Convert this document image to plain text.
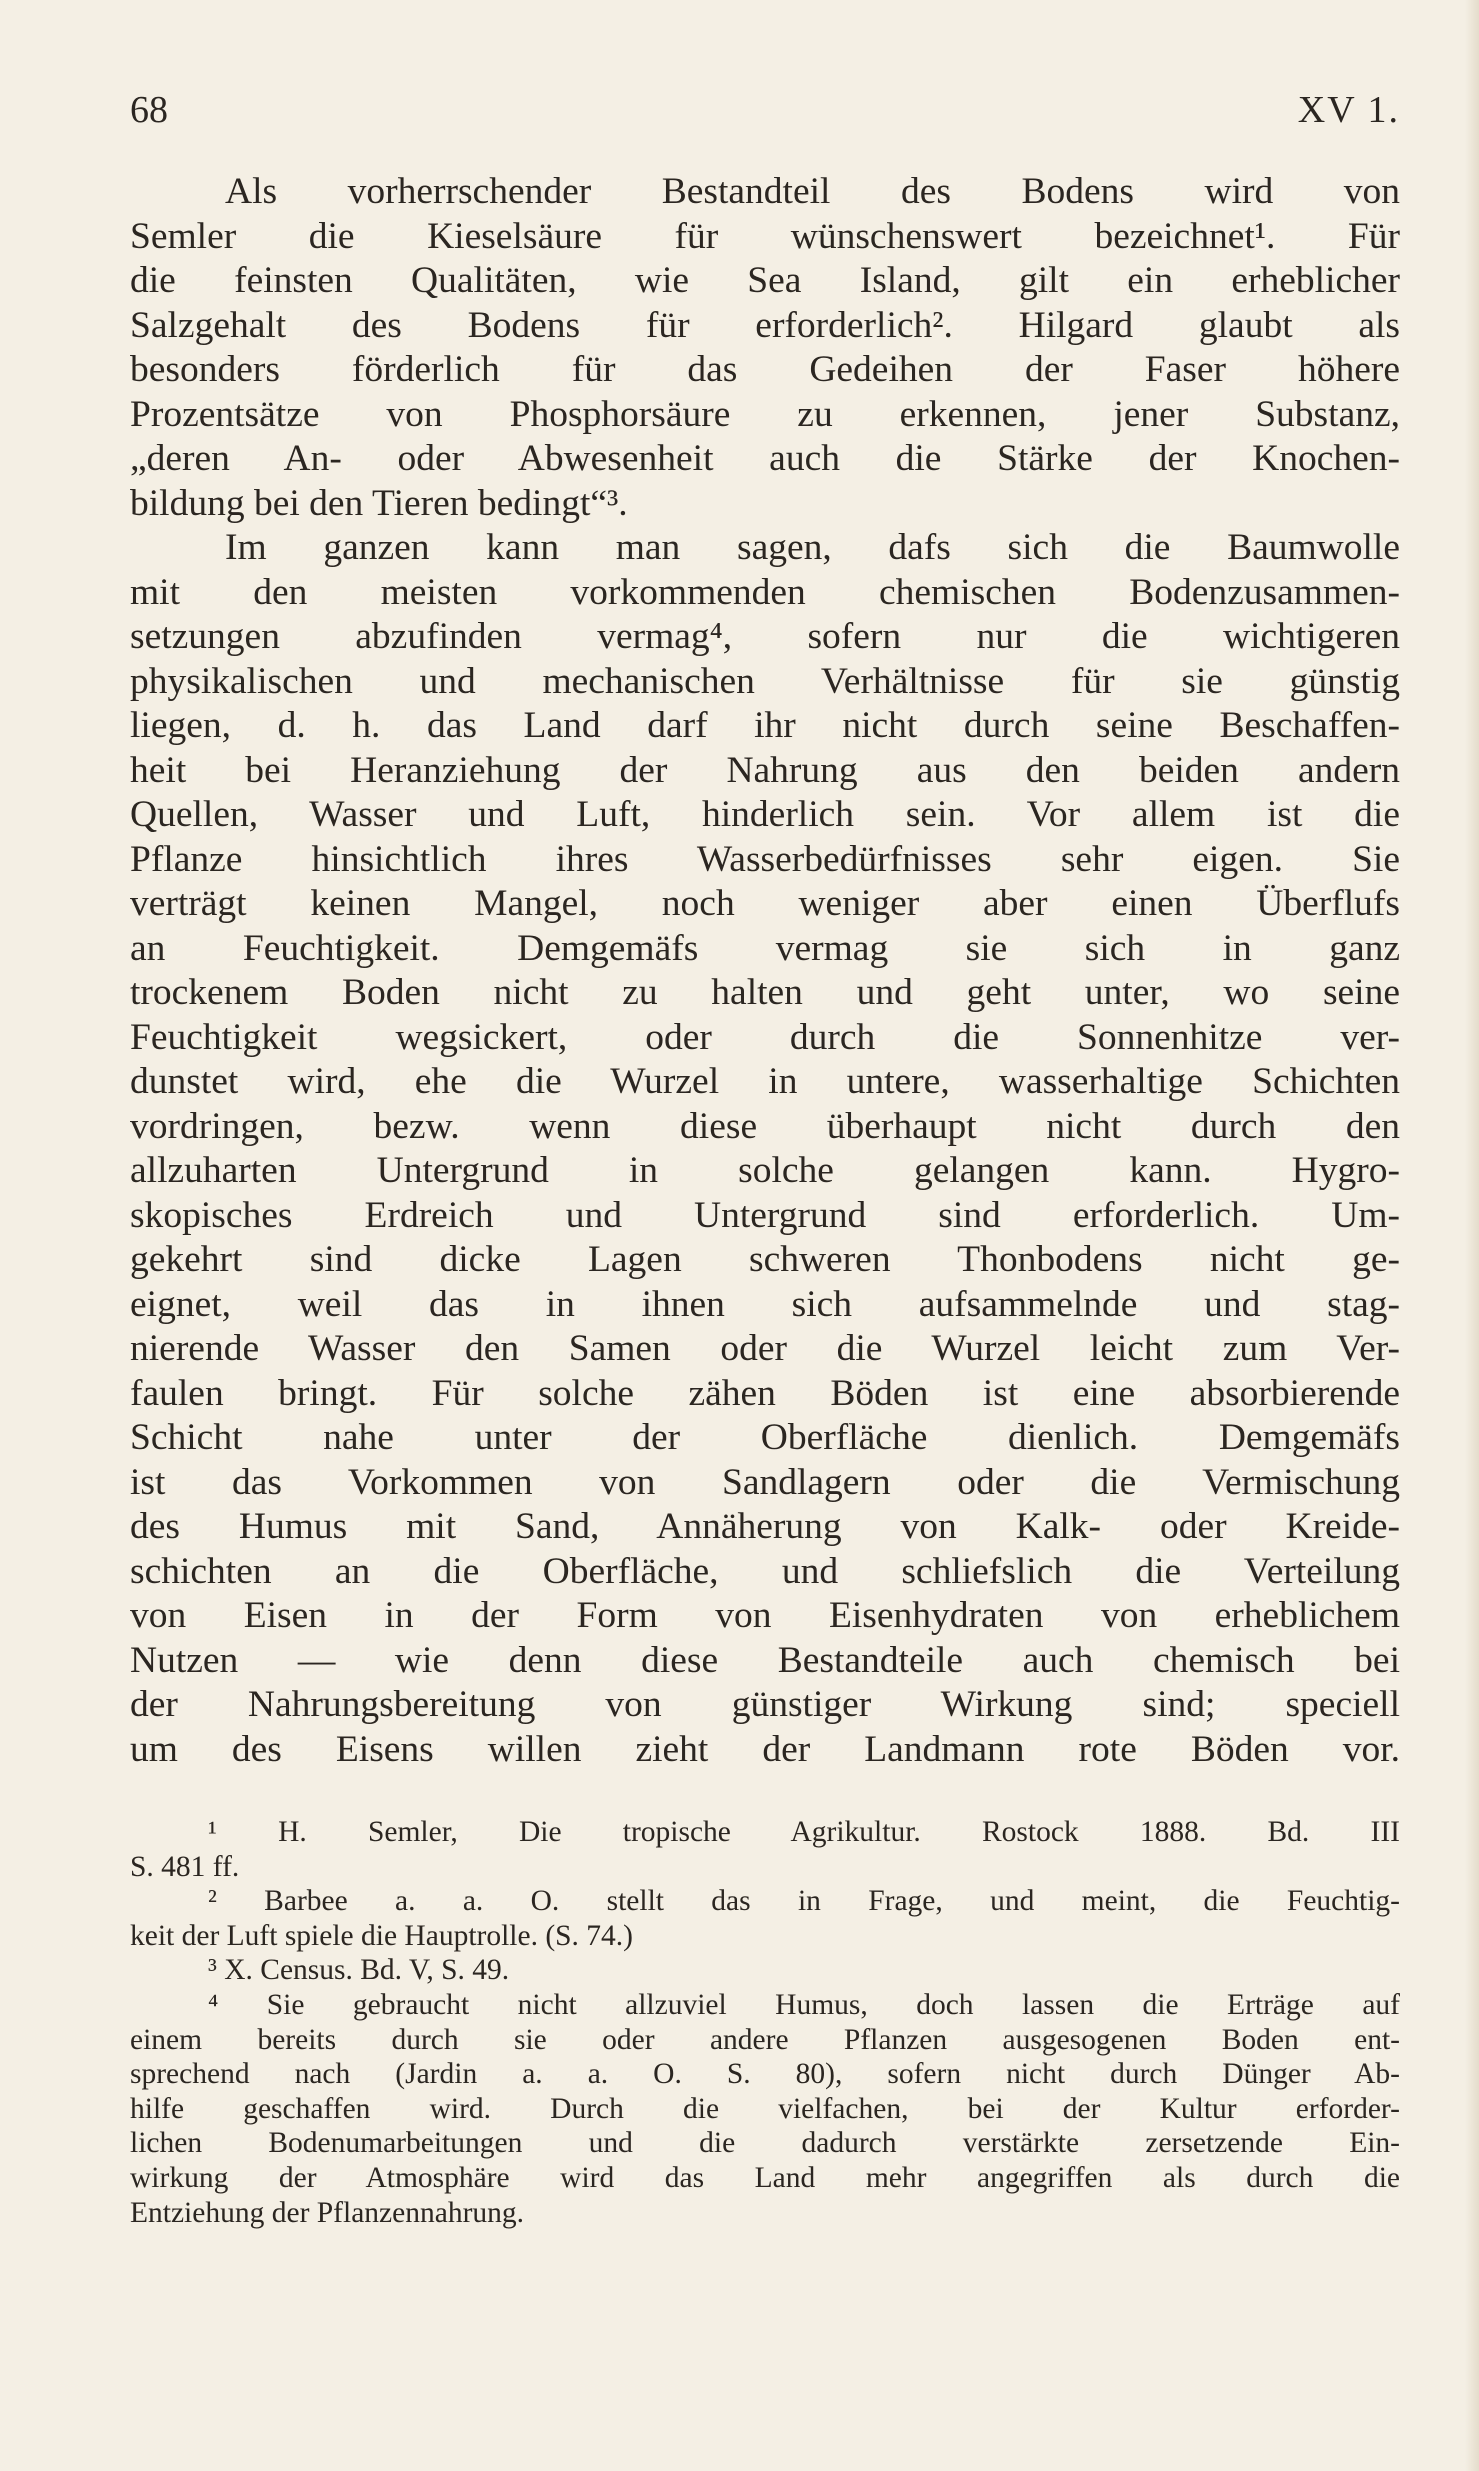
68	XV 1.
Als vorherrschender Bestandteil des Bodens wird von
Semler die Kieselsäure für wünschenswert bezeichnet¹. Für
die feinsten Qualitäten, wie Sea Island, gilt ein erheblicher
Salzgehalt des Bodens für erforderlich². Hilgard glaubt als
besonders förderlich für das Gedeihen der Faser höhere
Prozentsätze von Phosphorsäure zu erkennen, jener Substanz,
„deren An- oder Abwesenheit auch die Stärke der Knochen-
bildung bei den Tieren bedingt“³.
Im ganzen kann man sagen, dafs sich die Baumwolle
mit den meisten vorkommenden chemischen Bodenzusammen-
setzungen abzufinden vermag⁴, sofern nur die wichtigeren
physikalischen und mechanischen Verhältnisse für sie günstig
liegen, d. h. das Land darf ihr nicht durch seine Beschaffen-
heit bei Heranziehung der Nahrung aus den beiden andern
Quellen, Wasser und Luft, hinderlich sein. Vor allem ist die
Pflanze hinsichtlich ihres Wasserbedürfnisses sehr eigen. Sie
verträgt keinen Mangel, noch weniger aber einen Überflufs
an Feuchtigkeit. Demgemäfs vermag sie sich in ganz
trockenem Boden nicht zu halten und geht unter, wo seine
Feuchtigkeit wegsickert, oder durch die Sonnenhitze ver-
dunstet wird, ehe die Wurzel in untere, wasserhaltige Schichten
vordringen, bezw. wenn diese überhaupt nicht durch den
allzuharten Untergrund in solche gelangen kann. Hygro-
skopisches Erdreich und Untergrund sind erforderlich. Um-
gekehrt sind dicke Lagen schweren Thonbodens nicht ge-
eignet, weil das in ihnen sich aufsammelnde und stag-
nierende Wasser den Samen oder die Wurzel leicht zum Ver-
faulen bringt. Für solche zähen Böden ist eine absorbierende
Schicht nahe unter der Oberfläche dienlich. Demgemäfs
ist das Vorkommen von Sandlagern oder die Vermischung
des Humus mit Sand, Annäherung von Kalk- oder Kreide-
schichten an die Oberfläche, und schliefslich die Verteilung
von Eisen in der Form von Eisenhydraten von erheblichem
Nutzen — wie denn diese Bestandteile auch chemisch bei
der Nahrungsbereitung von günstiger Wirkung sind; speciell
um des Eisens willen zieht der Landmann rote Böden vor.
¹ H. Semler, Die tropische Agrikultur. Rostock 1888. Bd. III
S. 481 ff.
² Barbee a. a. O. stellt das in Frage, und meint, die Feuchtig-
keit der Luft spiele die Hauptrolle. (S. 74.)
³ X. Census. Bd. V, S. 49.
⁴ Sie gebraucht nicht allzuviel Humus, doch lassen die Erträge auf
einem bereits durch sie oder andere Pflanzen ausgesogenen Boden ent-
sprechend nach (Jardin a. a. O. S. 80), sofern nicht durch Dünger Ab-
hilfe geschaffen wird. Durch die vielfachen, bei der Kultur erforder-
lichen Bodenumarbeitungen und die dadurch verstärkte zersetzende Ein-
wirkung der Atmosphäre wird das Land mehr angegriffen als durch die
Entziehung der Pflanzennahrung.
